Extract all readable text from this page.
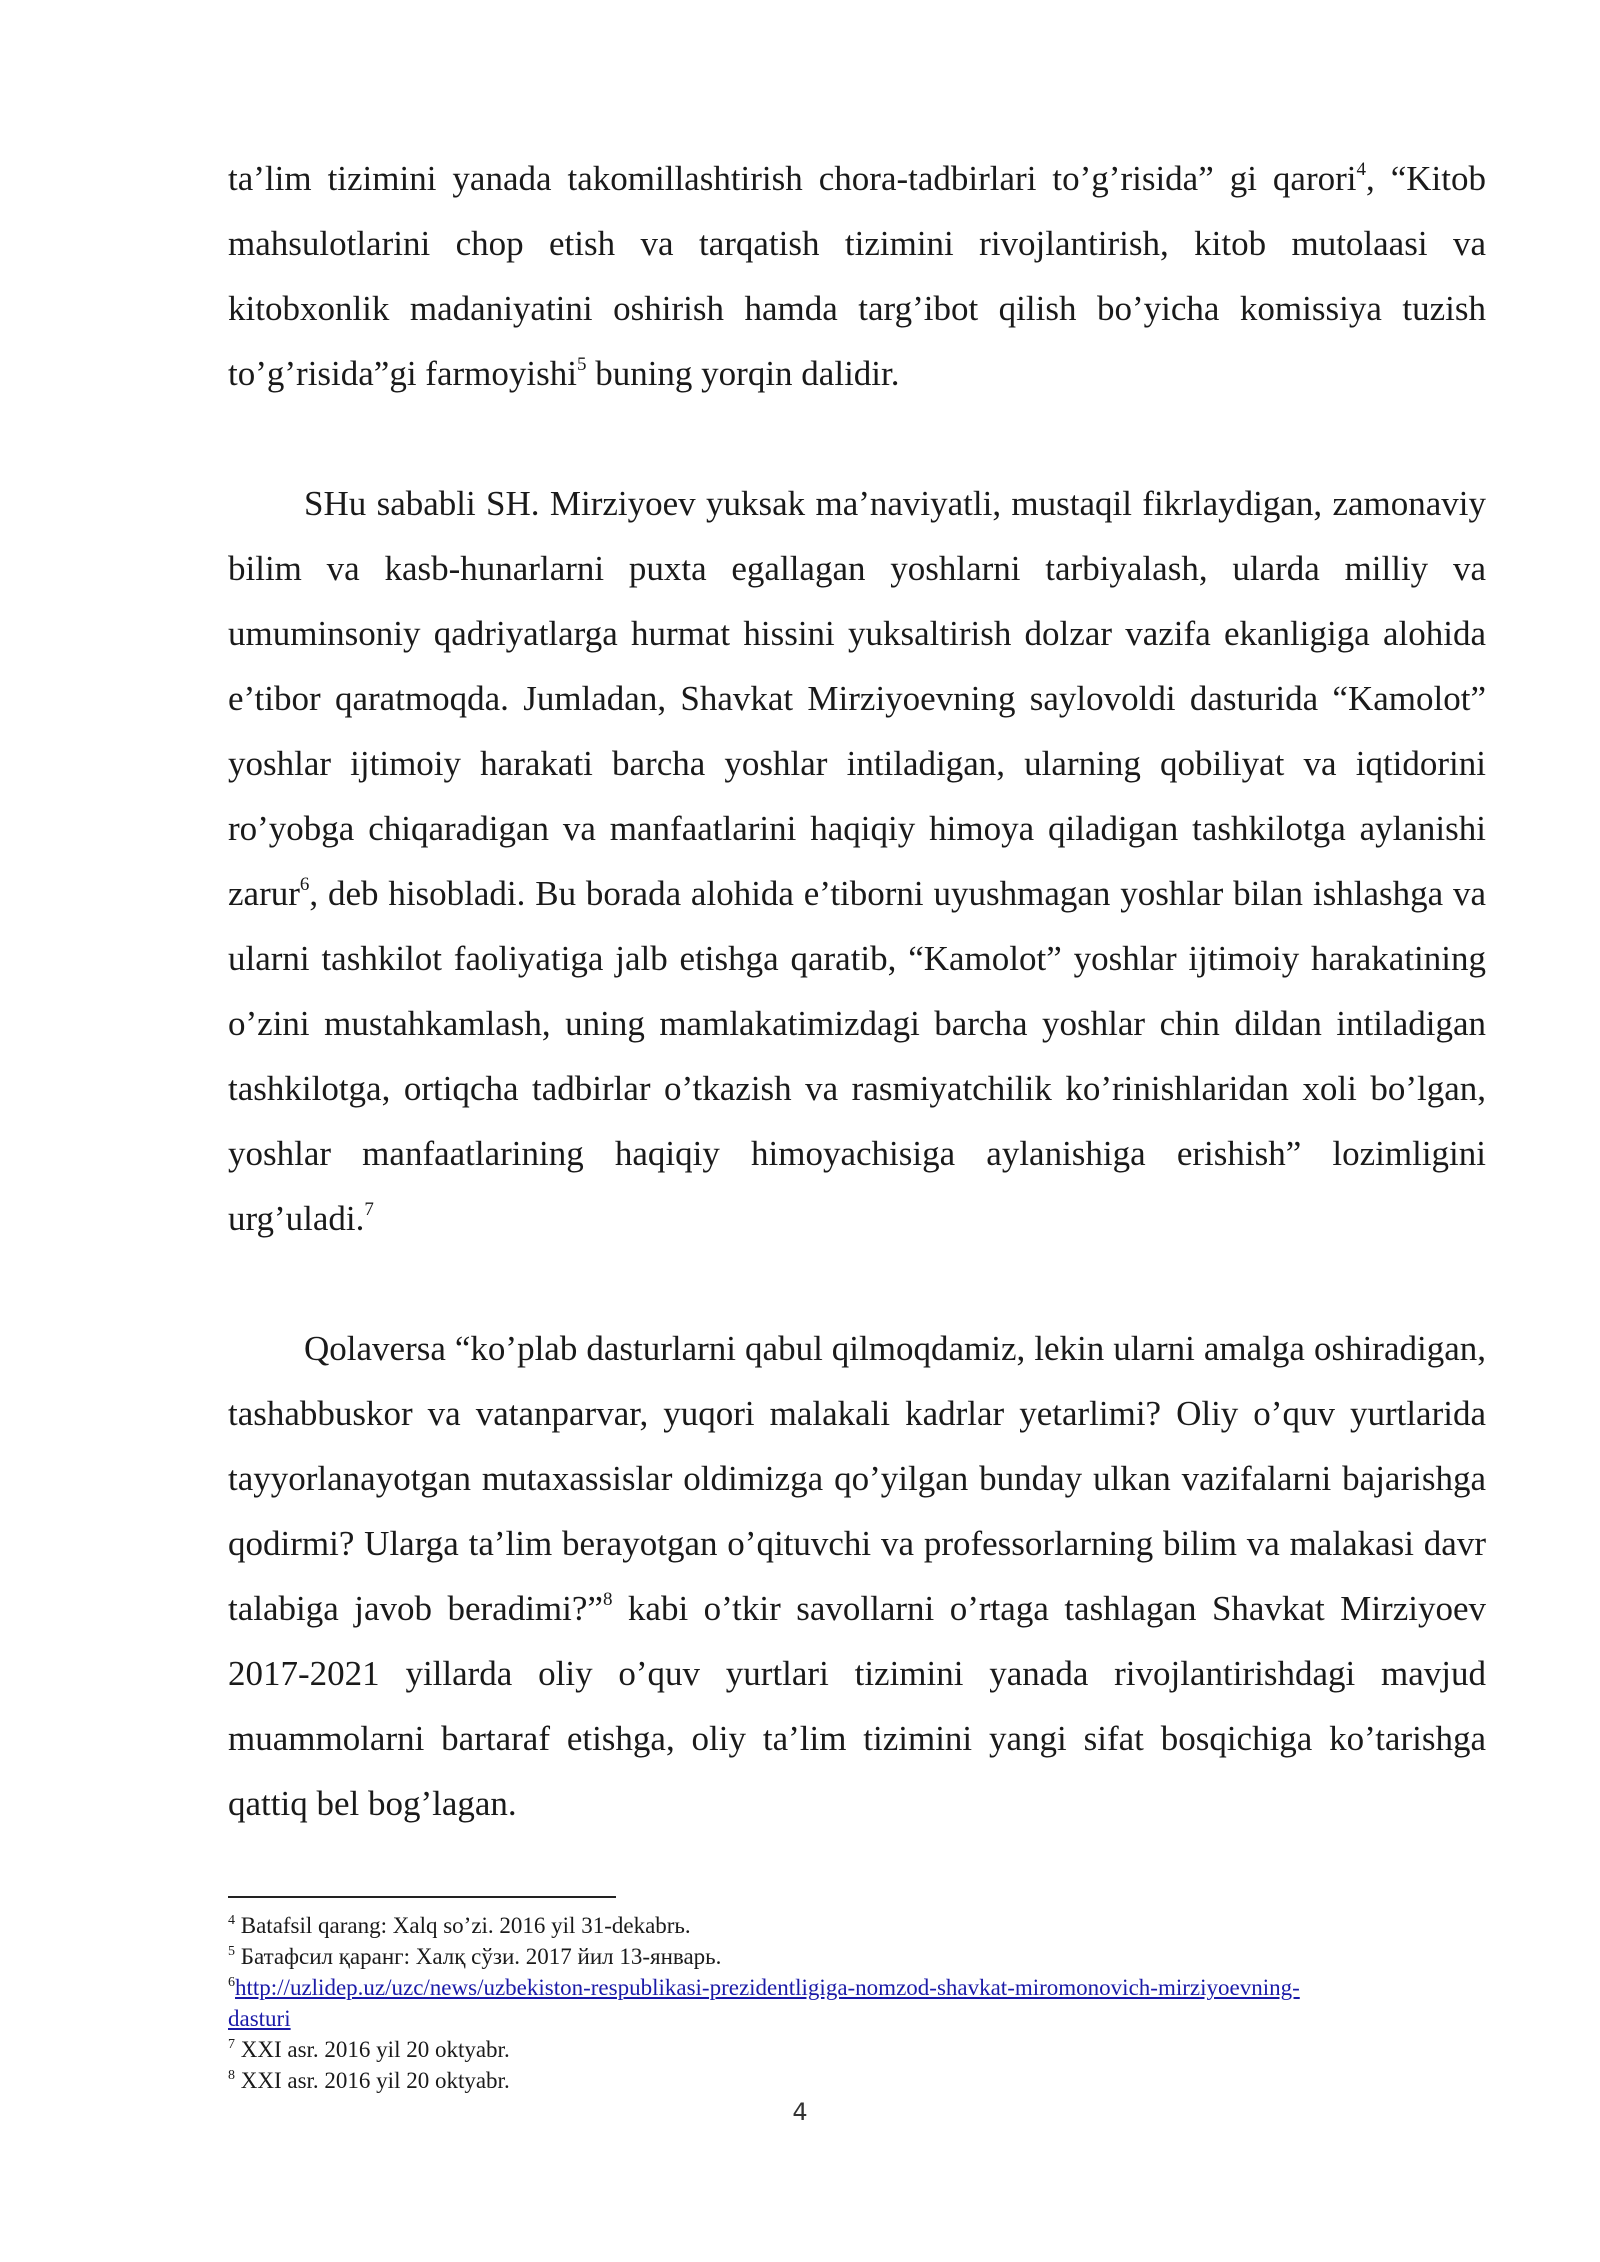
ta’lim tizimini yanada takomillashtirish chora-tadbirlari to’g’risida” gi qarori$^4$, “Kitob mahsulotlarini chop etish va tarqatish tizimini rivojlantirish, kitob mutolaasi va kitobxonlik madaniyatini oshirish hamda targ’ibot qilish bo’yicha komissiya tuzish to’g’risida”gi farmoyishi$^5$ buning yorqin dalidir.

SHu sababli SH. Mirziyoev yuksak ma’naviyatli, mustaqil fikrlaydigan, zamonaviy bilim va kasb-hunarlarni puxta egallagan yoshlarni tarbiyalash, ularda milliy va umuminsoniy qadriyatlarga hurmat hissini yuksaltirish dolzar vazifa ekanligiga alohida e’tibor qaratmoqda. Jumladan, Shavkat Mirziyoevning saylovoldi dasturida “Kamolot” yoshlar ijtimoiy harakati barcha yoshlar intiladigan, ularning qobiliyat va iqtidorini ro’yobga chiqaradigan va manfaatlarini haqiqiy himoya qiladigan tashkilotga aylanishi zarur$^6$, deb hisobladi. Bu borada alohida e’tiborni uyushmagan yoshlar bilan ishlashga va ularni tashkilot faoliyatiga jalb etishga qaratib, “Kamolot” yoshlar ijtimoiy harakatining o’zini mustahkamlash, uning mamlakatimizdagi barcha yoshlar chin dildan intiladigan tashkilotga, ortiqcha tadbirlar o’tkazish va rasmiyatchilik ko’rinishlaridan xoli bo’lgan, yoshlar manfaatlarining haqiqiy himoyachisiga aylanishiga erishish” lozimligini urg’uladi.$^7$

Qolaversa “ko’plab dasturlarni qabul qilmoqdamiz, lekin ularni amalga oshiradigan, tashabbuskor va vatanparvar, yuqori malakali kadrlar yetarlimi? Oliy o’quv yurtlarida tayyorlanayotgan mutaxassislar oldimizga qo’yilgan bunday ulkan vazifalarni bajarishga qodirmi? Ularga ta’lim berayotgan o’qituvchi va professorlarning bilim va malakasi davr talabiga javob beradimi?”$^8$ kabi o’tkir savollarni o’rtaga tashlagan Shavkat Mirziyoev 2017-2021 yillarda oliy o’quv yurtlari tizimini yanada rivojlantirishdagi mavjud muammolarni bartaraf etishga, oliy ta’lim tizimini yangi sifat bosqichiga ko’tarishga qattiq bel bog’lagan.

$^4$ Batafsil qarang: Xalq so’zi. 2016 yil 31-dekabrь.

$^5$ Батафсил қаранг: Халқ сўзи. 2017 йил 13-январь.

$^6$http://uzlidep.uz/uzc/news/uzbekiston-respublikasi-prezidentligiga-nomzod-shavkat-miromonovich-mirziyoevning-
dasturi

$^7$ XXI asr. 2016 yil 20 oktyabr.

$^8$ XXI asr. 2016 yil 20 oktyabr.

4
